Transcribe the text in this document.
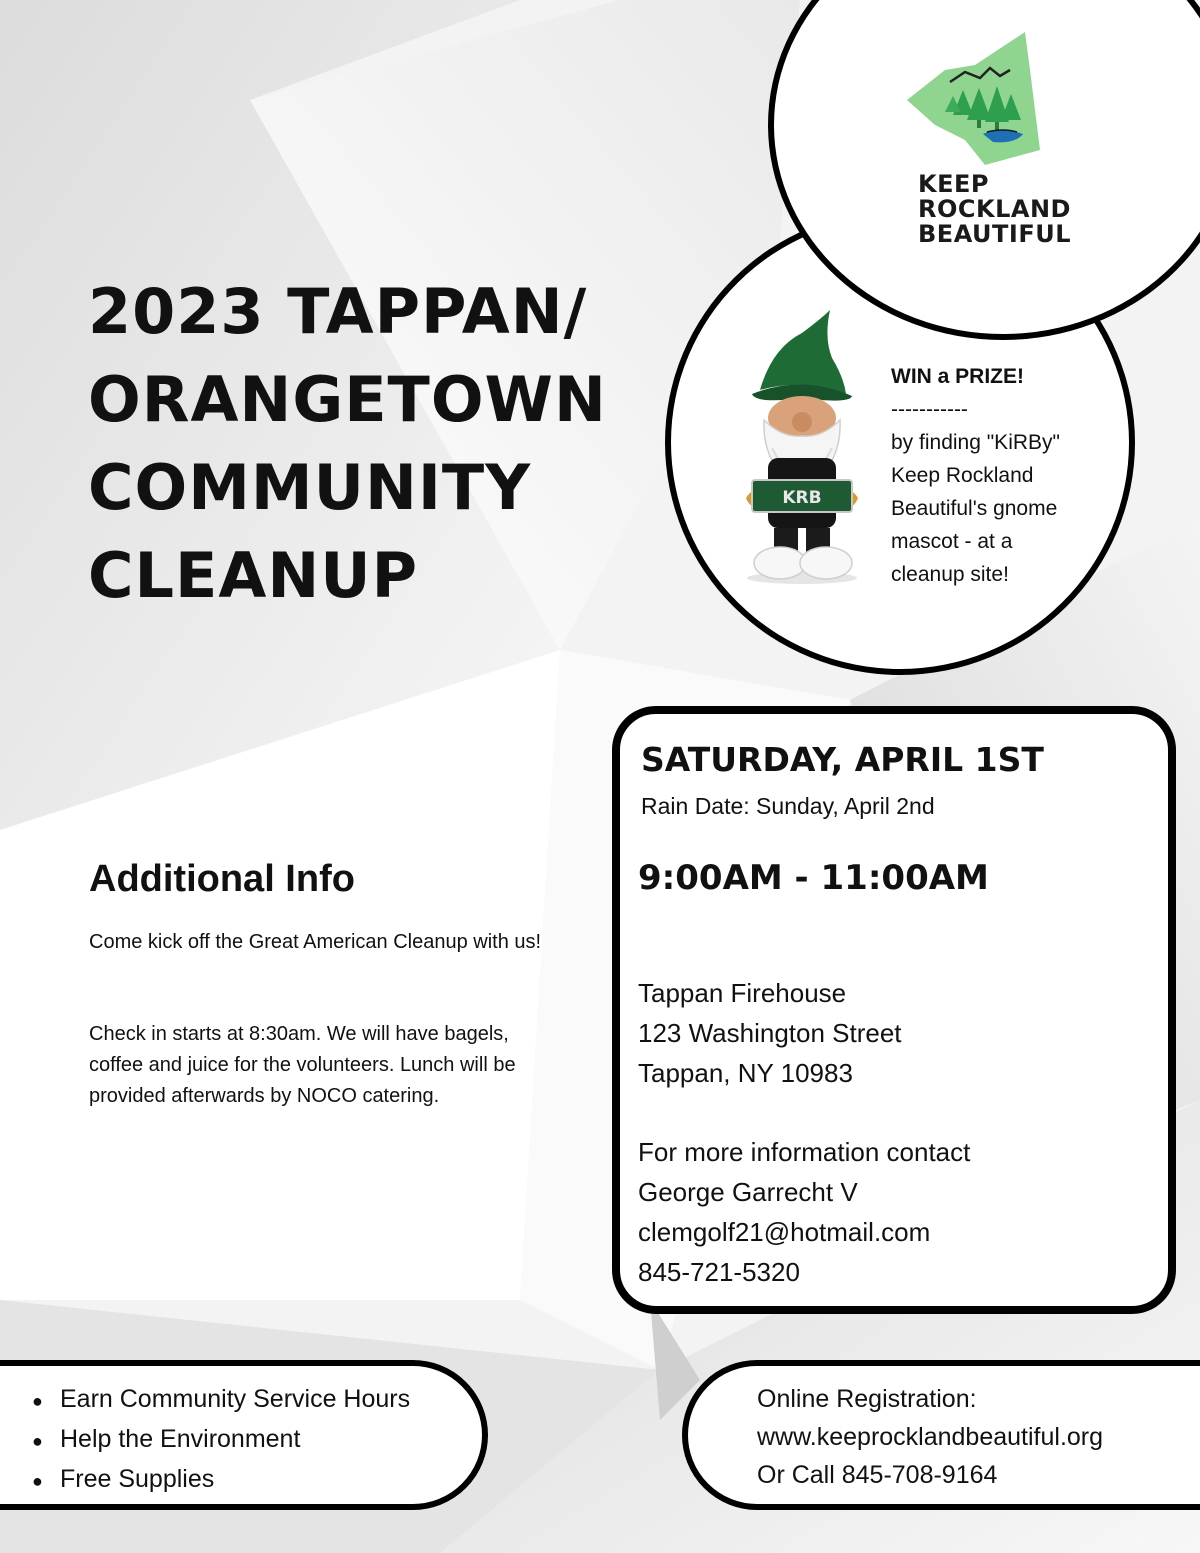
2023 TAPPAN/
ORANGETOWN
COMMUNITY
CLEANUP
KEEP
ROCKLAND
BEAUTIFUL
KRB
WIN a PRIZE!
-----------
by finding "KiRBy"
Keep Rockland
Beautiful's gnome
mascot - at a
cleanup site!
SATURDAY, APRIL 1ST
Rain Date: Sunday, April 2nd
9:00AM - 11:00AM
Tappan Firehouse
123 Washington Street
Tappan, NY 10983
For more information contact
George Garrecht V
clemgolf21@hotmail.com
845-721-5320
Additional Info
Come kick off the Great American Cleanup with us!
Check in starts at 8:30am. We will have bagels, coffee and juice for the volunteers. Lunch will be provided afterwards by NOCO catering.
● Earn Community Service Hours
● Help the Environment
● Free Supplies
Online Registration:
www.keeprocklandbeautiful.org
Or Call 845-708-9164
